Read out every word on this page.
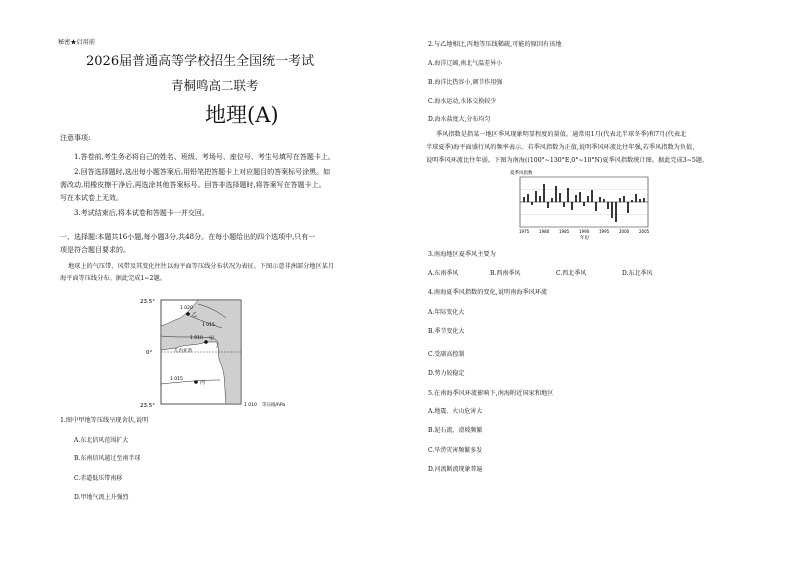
秘密★启用前
2026届普通高等学校招生全国统一考试
青桐鸣高二联考
地理(A)
注意事项:
1.答卷前,考生务必将自己的姓名、班级、考场号、座位号、考生号填写在答题卡上。
2.回答选择题时,选出每小题答案后,用铅笔把答题卡上对应题目的答案标号涂黑。如
需改动,用橡皮擦干净后,再选涂其他答案标号。回答非选择题时,将答案写在答题卡上。
写在本试卷上无效。
3.考试结束后,将本试卷和答题卡一并交回。
一、选择题:本题共16小题,每小题3分,共48分。在每小题给出的四个选项中,只有一
项是符合题目要求的。
地球上的气压带、风带及其变化往往以海平面等压线分布状况为表征。下图示意非洲部分地区某月
海平面等压线分布。据此完成1~2题。
23.5°
0°
23.5°
1 020
1 015
1 010
1 015
乙
甲
丙
几内亚湾
1 010 等压线/hPa
1.图中甲地等压线呈现舍状,说明
A.东北信风范围扩大
B.东南信风越过至南半球
C.赤道低压带南移
D.甲地气流上升强烈
2.与乙地相比,丙地等压线稀疏,可能的原因有该地
A.海洋辽阔,南北气温差异小
B.海洋比热容小,调节作用强
C.海水运动,水体交换较少
D.海水盐度大,分布均匀
季风指数是指某一地区季风现象明显程度的量值。通常用1月(代表北半球冬季)和7月(代表北
半球夏季)海平面盛行风的频率表示。若季风指数为正值,说明季风环流比往年强,若季风指数为负值,
说明季风环流比往年弱。下图为南海((100°~130°E,0°~10°N)夏季风指数统计图。据此完成3~5题。
夏季风指数
1975 1980 1985 1990 1995 2000 2005
年份
3.南海地区夏季风主要为
A.东南季风	B.西南季风	C.西北季风	D.东北季风
4.南海夏季风指数的变化,说明南海季风环流
A.年际变化大
B.季节变化大
C.受副高控制
D.势力较稳定
5.在南海季风环流影响下,南海附近国家和地区
A.地震、火山危害大
B.泥石流、滑坡频繁
C.旱涝灾害频繁多发
D.河流断流现象普遍
